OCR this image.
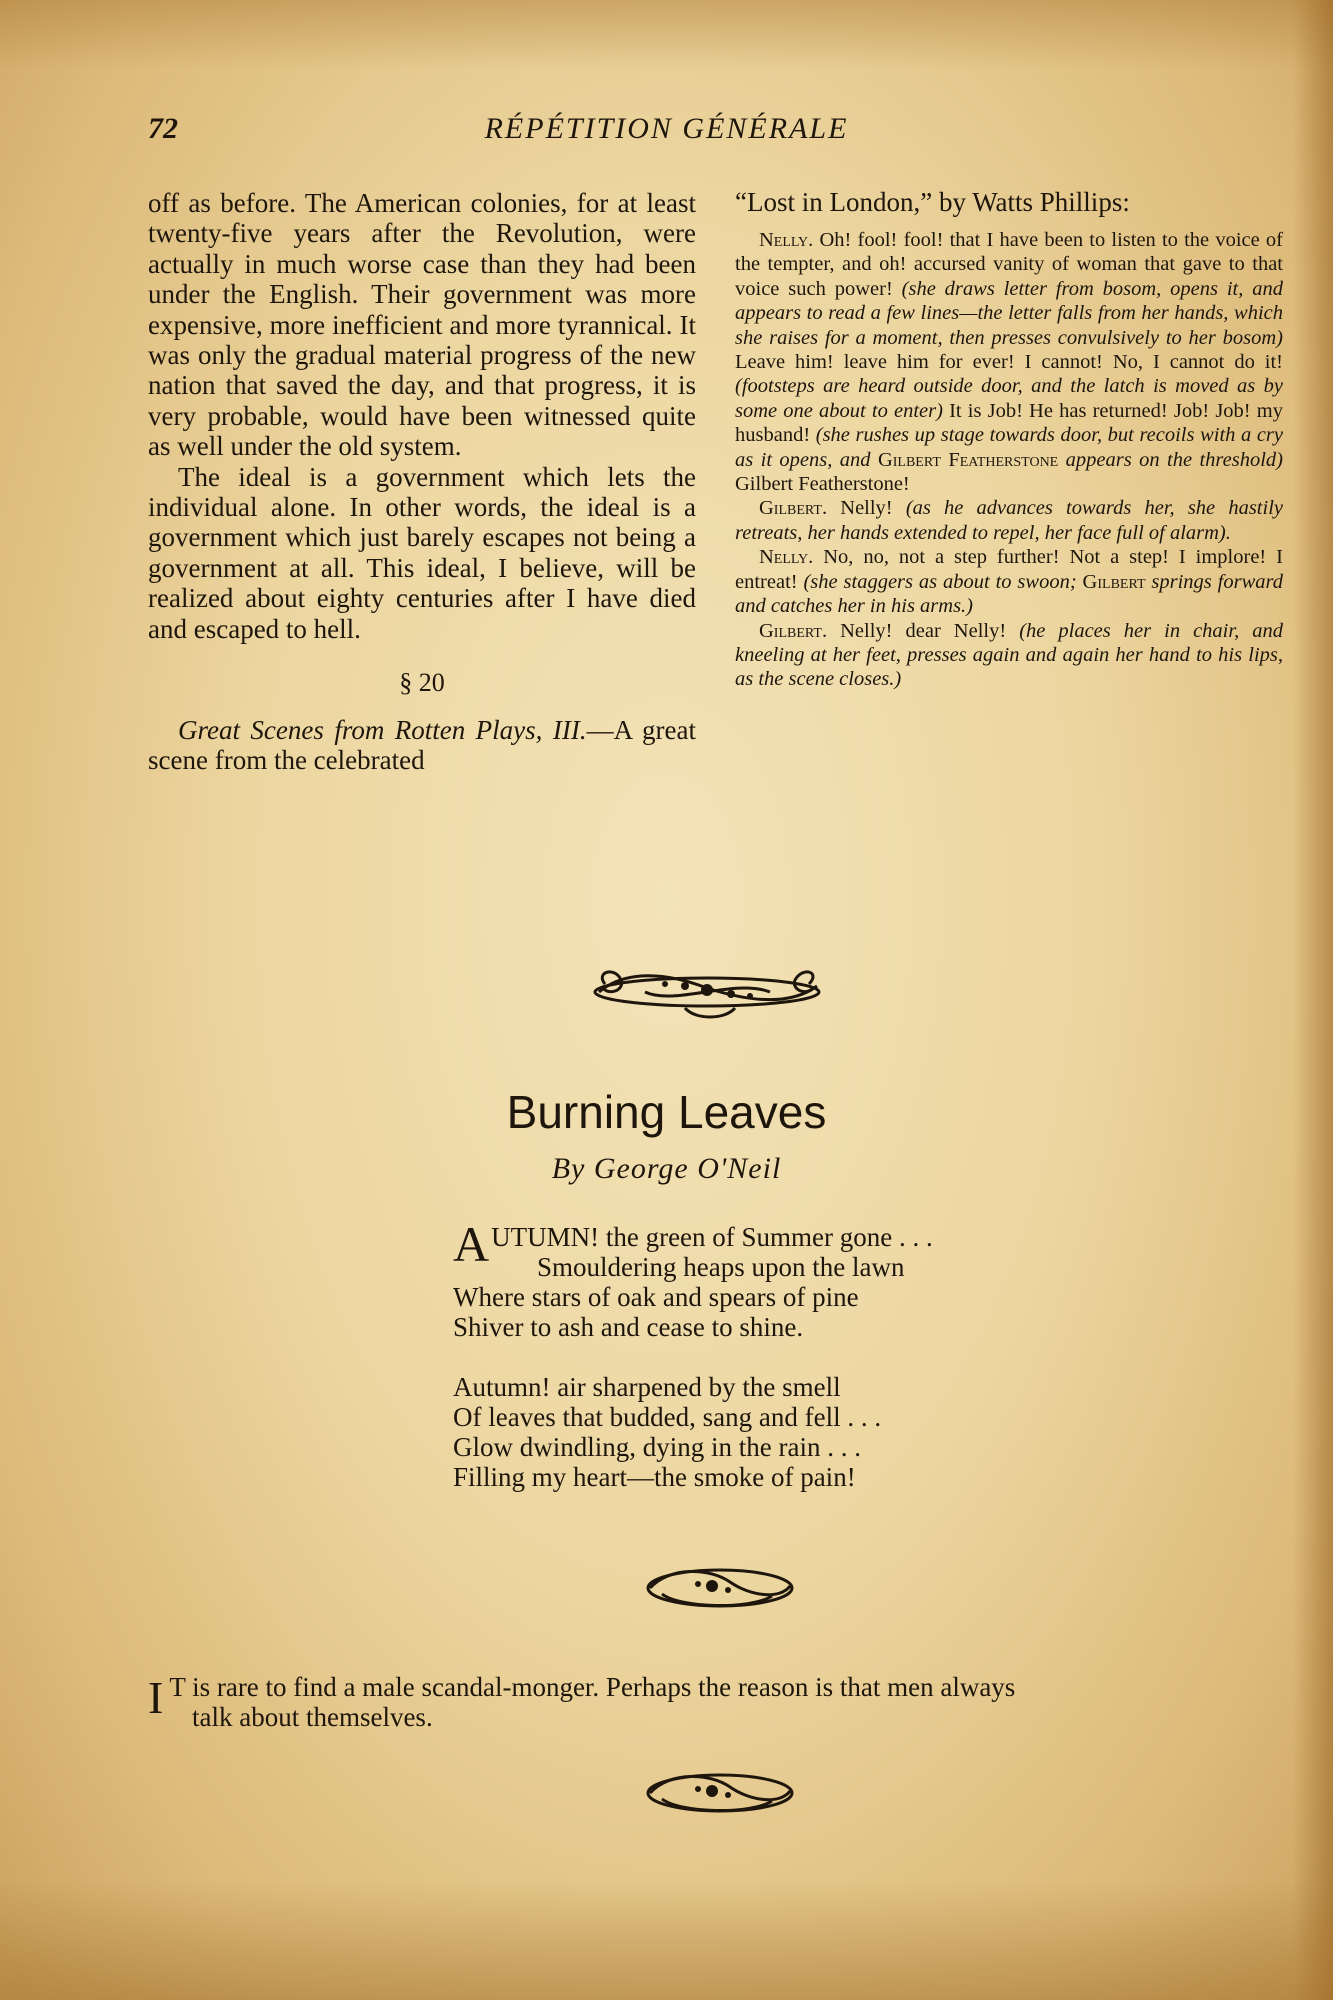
72	RÉPÉTITION GÉNÉRALE

off as before. The American colonies, for at least twenty-five years after the Revolution, were actually in much worse case than they had been under the English. Their government was more expensive, more inefficient and more tyrannical. It was only the gradual material progress of the new nation that saved the day, and that progress, it is very probable, would have been witnessed quite as well under the old system.

The ideal is a government which lets the individual alone. In other words, the ideal is a government which just barely escapes not being a government at all. This ideal, I believe, will be realized about eighty centuries after I have died and escaped to hell.

§ 20

Great Scenes from Rotten Plays, III.—A great scene from the celebrated

“Lost in London,” by Watts Phillips:

Nelly. Oh! fool! fool! that I have been to listen to the voice of the tempter, and oh! accursed vanity of woman that gave to that voice such power! (she draws letter from bosom, opens it, and appears to read a few lines—the letter falls from her hands, which she raises for a moment, then presses convulsively to her bosom) Leave him! leave him for ever! I cannot! No, I cannot do it! (footsteps are heard outside door, and the latch is moved as by some one about to enter) It is Job! He has returned! Job! Job! my husband! (she rushes up stage towards door, but recoils with a cry as it opens, and Gilbert Featherstone appears on the threshold) Gilbert Featherstone!

Gilbert. Nelly! (as he advances towards her, she hastily retreats, her hands extended to repel, her face full of alarm).

Nelly. No, no, not a step further! Not a step! I implore! I entreat! (she staggers as about to swoon; Gilbert springs forward and catches her in his arms.)

Gilbert. Nelly! dear Nelly! (he places her in chair, and kneeling at her feet, presses again and again her hand to his lips, as the scene closes.)

Burning Leaves
By George O'Neil
A UTUMN! the green of Summer gone . . .
Smouldering heaps upon the lawn
Where stars of oak and spears of pine
Shiver to ash and cease to shine.
Autumn! air sharpened by the smell
Of leaves that budded, sang and fell . . .
Glow dwindling, dying in the rain . . .
Filling my heart—the smoke of pain!
I T is rare to find a male scandal-monger. Perhaps the reason is that men always
talk about themselves.
